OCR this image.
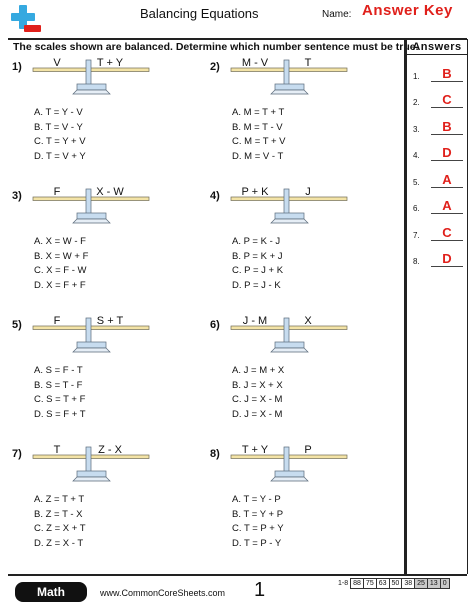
Balancing Equations	Name: Answer Key
The scales shown are balanced. Determine which number sentence must be true.
Answers
1.	B
2.	C
3.	B
4.	D
5.	A
6.	A
7.	C
8.	D
1)	V	T + Y
A. T = Y - V
B. T = V - Y
C. T = Y + V
D. T = V + Y
3)	F	X - W
A. X = W - F
B. X = W + F
C. X = F - W
D. X = F + F
5)	F	S + T
A. S = F - T
B. S = T - F
C. S = T + F
D. S = F + T
7)	T	Z - X
A. Z = T + T
B. Z = T - X
C. Z = X + T
D. Z = X - T
2)	M - V	T
A. M = T + T
B. M = T - V
C. M = T + V
D. M = V - T
4)	P + K	J
A. P = K - J
B. P = K + J
C. P = J + K
D. P = J - K
6)	J - M	X
A. J = M + X
B. J = X + X
C. J = X - M
D. J = X - M
8)	T + Y	P
A. T = Y - P
B. T = Y + P
C. T = P + Y
D. T = P - Y
Math	www.CommonCoreSheets.com 1	1-8	88	75	63	50	38	25	13	0
